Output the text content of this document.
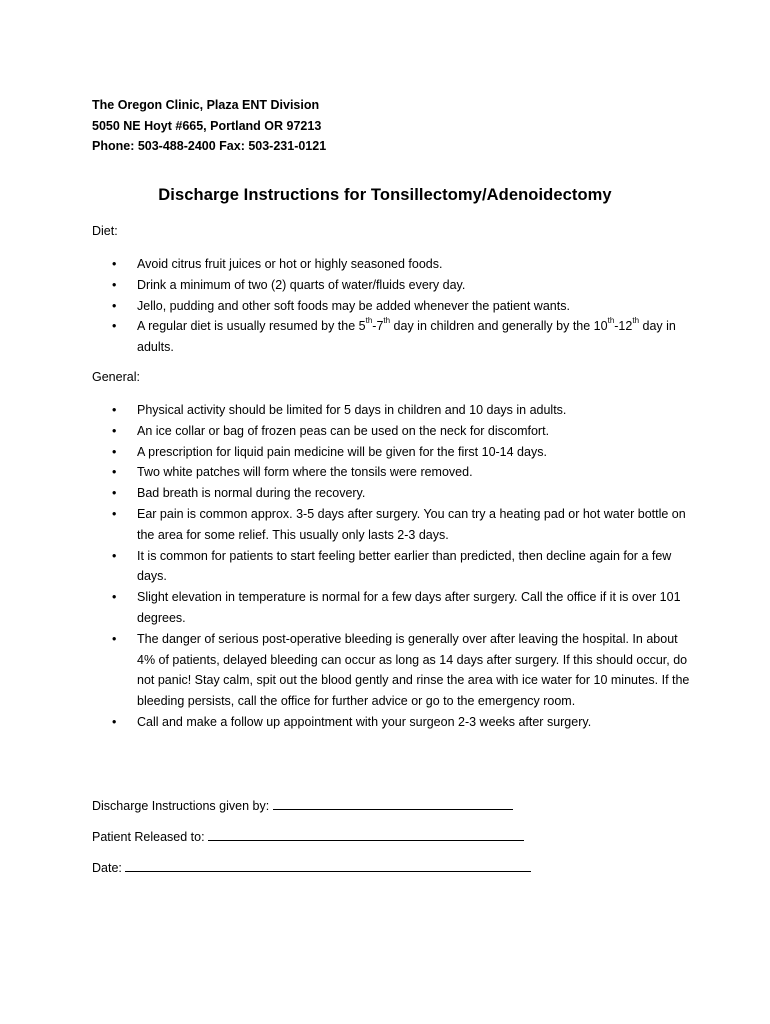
The Oregon Clinic, Plaza ENT Division
5050 NE Hoyt #665, Portland OR 97213
Phone: 503-488-2400 Fax: 503-231-0121
Discharge Instructions for Tonsillectomy/Adenoidectomy
Diet:
• Avoid citrus fruit juices or hot or highly seasoned foods.
• Drink a minimum of two (2) quarts of water/fluids every day.
• Jello, pudding and other soft foods may be added whenever the patient wants.
• A regular diet is usually resumed by the 5th-7th day in children and generally by the 10th-12th day in adults.
General:
• Physical activity should be limited for 5 days in children and 10 days in adults.
• An ice collar or bag of frozen peas can be used on the neck for discomfort.
• A prescription for liquid pain medicine will be given for the first 10-14 days.
• Two white patches will form where the tonsils were removed.
• Bad breath is normal during the recovery.
• Ear pain is common approx. 3-5 days after surgery. You can try a heating pad or hot water bottle on the area for some relief. This usually only lasts 2-3 days.
• It is common for patients to start feeling better earlier than predicted, then decline again for a few days.
• Slight elevation in temperature is normal for a few days after surgery. Call the office if it is over 101 degrees.
• The danger of serious post-operative bleeding is generally over after leaving the hospital. In about 4% of patients, delayed bleeding can occur as long as 14 days after surgery. If this should occur, do not panic! Stay calm, spit out the blood gently and rinse the area with ice water for 10 minutes. If the bleeding persists, call the office for further advice or go to the emergency room.
• Call and make a follow up appointment with your surgeon 2-3 weeks after surgery.
Discharge Instructions given by:
Patient Released to:
Date:
